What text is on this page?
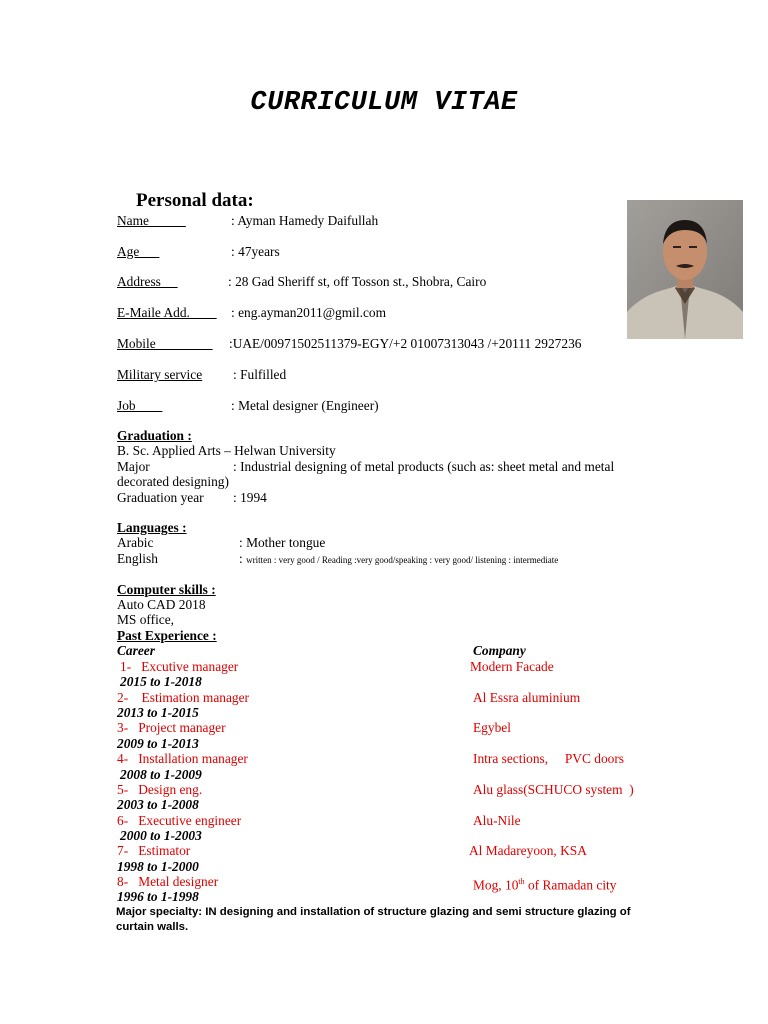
CURRICULUM VITAE
Personal data:
Name	: Ayman Hamedy Daifullah
Age	: 47years
Address	: 28 Gad Sheriff st, off Tosson st., Shobra, Cairo
E-Maile Add. : eng.ayman2011@gmil.com
Mobile :UAE/00971502511379-EGY/+2 01007313043 /+20111 2927236
Military service : Fulfilled
Job	: Metal designer (Engineer)
Graduation :
B. Sc. Applied Arts – Helwan University
Major	: Industrial designing of metal products (such as: sheet metal and metal
decorated designing)
Graduation year : 1994
Languages :
Arabic	: Mother tongue
English	: written : very good / Reading :very good/speaking : very good/ listening : intermediate
Computer skills :
Auto CAD 2018
MS office,
Past Experience :
Career	Company
1- Excutive manager	Modern Facade
2015 to 1-2018
2- Estimation manager	Al Essra aluminium
2013 to 1-2015
3- Project manager	Egybel
2009 to 1-2013
4- Installation manager	Intra sections,     PVC doors
2008 to 1-2009
5- Design eng.	Alu glass(SCHUCO system  )
2003 to 1-2008
6- Executive engineer	Alu-Nile
2000 to 1-2003
7- Estimator	Al Madareyoon, KSA
1998 to 1-2000
8- Metal designer	Mog, 10th of Ramadan city
1996 to 1-1998
Major specialty: IN designing and installation of structure glazing and semi structure glazing of curtain walls.
